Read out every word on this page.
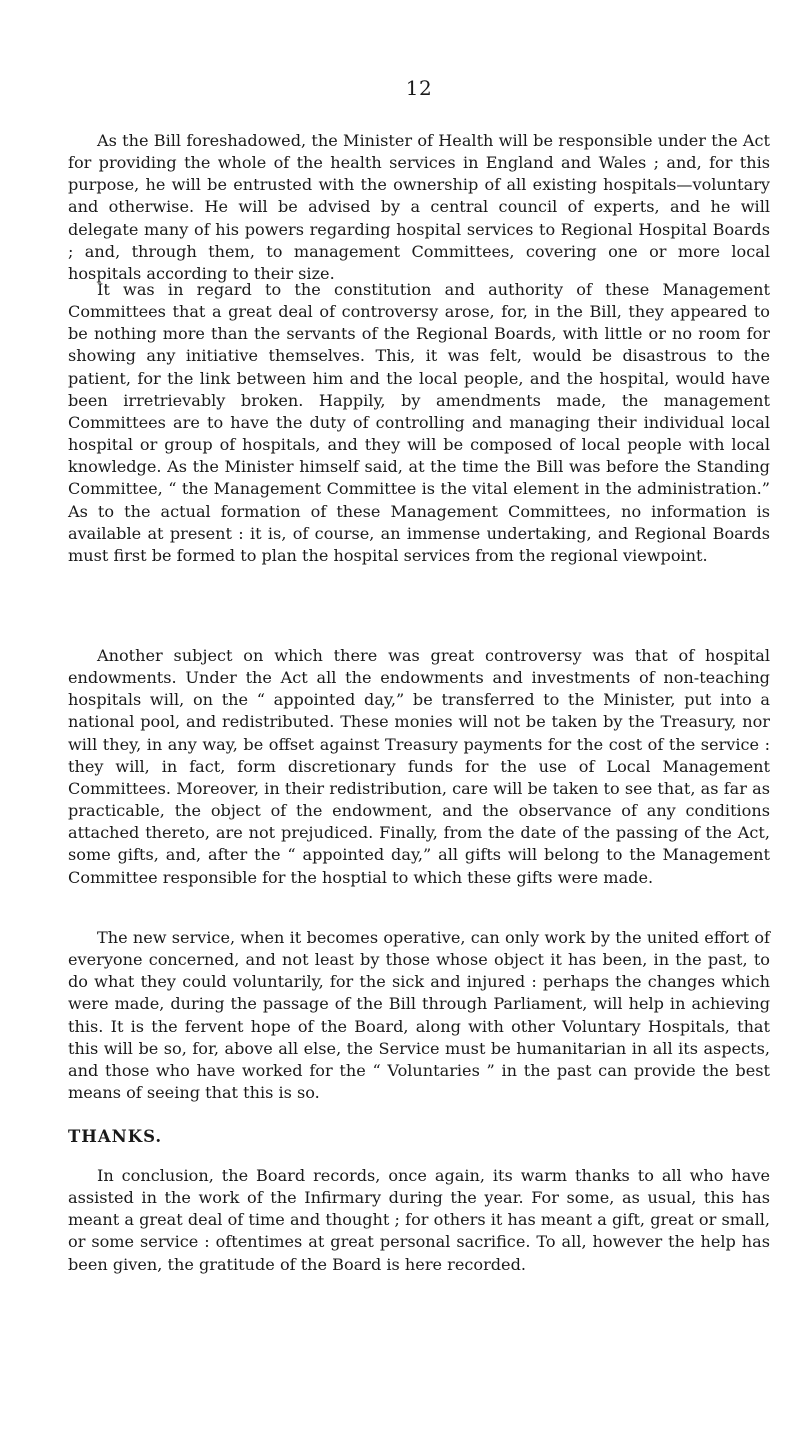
12

As the Bill foreshadowed, the Minister of Health will be responsible under the Act for providing the whole of the health services in England and Wales ; and, for this purpose, he will be entrusted with the ownership of all existing hospitals—voluntary and otherwise. He will be advised by a central council of experts, and he will delegate many of his powers regarding hospital services to Regional Hospital Boards ; and, through them, to management Committees, covering one or more local hospitals according to their size.

It was in regard to the constitution and authority of these Management Committees that a great deal of controversy arose, for, in the Bill, they appeared to be nothing more than the servants of the Regional Boards, with little or no room for showing any initiative themselves. This, it was felt, would be disastrous to the patient, for the link between him and the local people, and the hospital, would have been irretrievably broken. Happily, by amendments made, the management Committees are to have the duty of controlling and managing their individual local hospital or group of hospitals, and they will be composed of local people with local knowledge. As the Minister himself said, at the time the Bill was before the Standing Committee, “ the Management Committee is the vital element in the administration.” As to the actual formation of these Management Committees, no information is available at present : it is, of course, an immense undertaking, and Regional Boards must first be formed to plan the hospital services from the regional viewpoint.

Another subject on which there was great controversy was that of hospital endowments. Under the Act all the endowments and investments of non-teaching hospitals will, on the “ appointed day,” be transferred to the Minister, put into a national pool, and redistributed. These monies will not be taken by the Treasury, nor will they, in any way, be offset against Treasury payments for the cost of the service : they will, in fact, form discretionary funds for the use of Local Management Committees. Moreover, in their redistribution, care will be taken to see that, as far as practicable, the object of the endowment, and the observance of any conditions attached thereto, are not prejudiced. Finally, from the date of the passing of the Act, some gifts, and, after the “ appointed day,” all gifts will belong to the Management Committee responsible for the hosptial to which these gifts were made.

The new service, when it becomes operative, can only work by the united effort of everyone concerned, and not least by those whose object it has been, in the past, to do what they could voluntarily, for the sick and injured : perhaps the changes which were made, during the passage of the Bill through Parliament, will help in achieving this. It is the fervent hope of the Board, along with other Voluntary Hospitals, that this will be so, for, above all else, the Service must be humanitarian in all its aspects, and those who have worked for the “ Voluntaries ” in the past can provide the best means of seeing that this is so.

THANKS.

In conclusion, the Board records, once again, its warm thanks to all who have assisted in the work of the Infirmary during the year. For some, as usual, this has meant a great deal of time and thought ; for others it has meant a gift, great or small, or some service : oftentimes at great personal sacrifice. To all, however the help has been given, the gratitude of the Board is here recorded.
